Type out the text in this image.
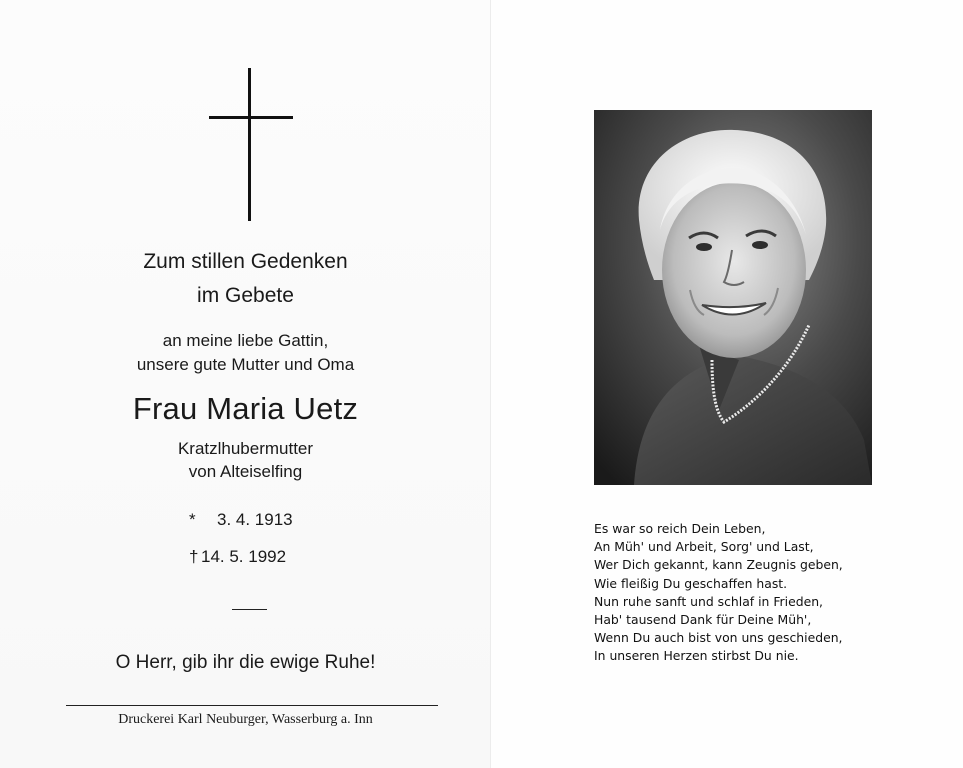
Zum stillen Gedenken
im Gebete
an meine liebe Gattin,
unsere gute Mutter und Oma
Frau Maria Uetz
Kratzlhubermutter
von Alteiselfing
* 3. 4. 1913
† 14. 5. 1992
O Herr, gib ihr die ewige Ruhe!
Druckerei Karl Neuburger, Wasserburg a. Inn
Es war so reich Dein Leben,
An Müh' und Arbeit, Sorg' und Last,
Wer Dich gekannt, kann Zeugnis geben,
Wie fleißig Du geschaffen hast.
Nun ruhe sanft und schlaf in Frieden,
Hab' tausend Dank für Deine Müh',
Wenn Du auch bist von uns geschieden,
In unseren Herzen stirbst Du nie.
